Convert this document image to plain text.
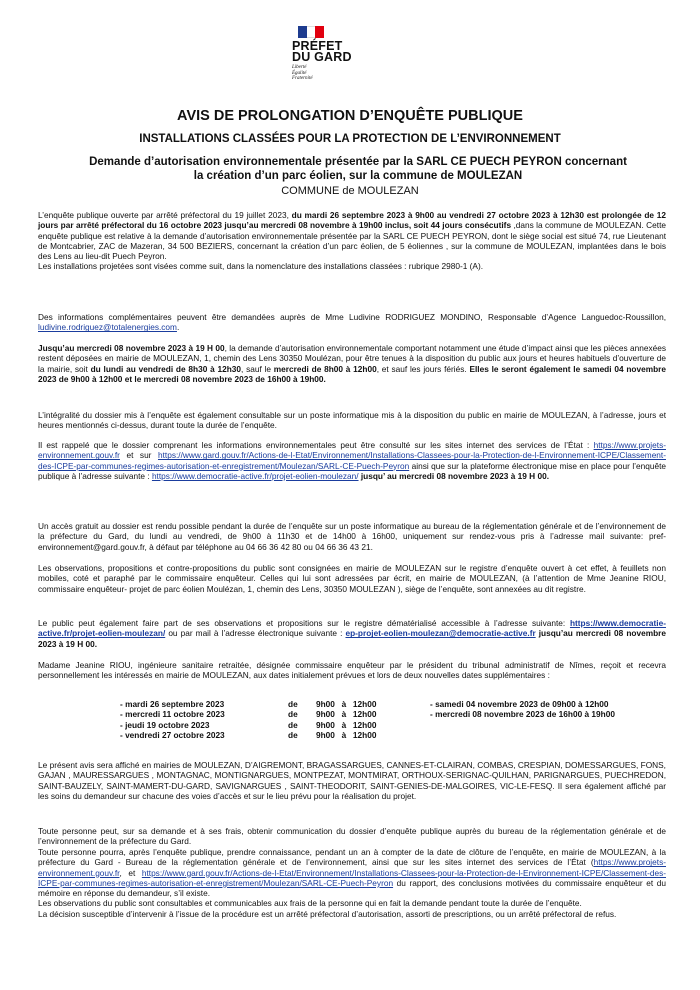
PRÉFET
DU GARD
Liberté
Égalité
Fraternité
AVIS DE PROLONGATION D’ENQUÊTE PUBLIQUE
INSTALLATIONS CLASSÉES POUR LA PROTECTION DE L’ENVIRONNEMENT
Demande d’autorisation environnementale présentée par la SARL CE PUECH PEYRON concernant
la création d’un parc éolien, sur la commune de MOULEZAN
COMMUNE de MOULEZAN

L’enquête publique ouverte par arrêté préfectoral du 19 juillet 2023, du mardi 26 septembre 2023 à 9h00 au vendredi 27 octobre 2023 à 12h30 est prolongée de 12 jours par arrêté préfectoral du 16 octobre 2023 jusqu’au mercredi 08 novembre à 19h00 inclus, soit 44 jours consécutifs ,dans la commune de MOULEZAN. Cette enquête publique est relative à la demande d’autorisation environnementale présentée par la SARL CE PUECH PEYRON, dont le siège social est situé 74, rue Lieutenant de Montcabrier, ZAC de Mazeran, 34 500 BEZIERS, concernant la création d’un parc éolien, de 5 éoliennes , sur la commune de MOULEZAN, implantées dans le bois des Lens au lieu-dit Puech Peyron.

Les installations projetées sont visées comme suit, dans la nomenclature des installations classées : rubrique 2980-1 (A).

Des informations complémentaires peuvent être demandées auprès de Mme Ludivine RODRIGUEZ MONDINO, Responsable d’Agence Languedoc-Roussillon, ludivine.rodriguez@totalenergies.com.

Jusqu’au mercredi 08 novembre 2023 à 19 H 00, la demande d’autorisation environnementale comportant notamment une étude d’impact ainsi que les pièces annexées restent déposées en mairie de MOULEZAN, 1, chemin des Lens 30350 Moulézan, pour être tenues à la disposition du public aux jours et heures habituels d’ouverture de la mairie, soit du lundi au vendredi de 8h30 à 12h30, sauf le mercredi de 8h00 à 12h00, et sauf les jours fériés. Elles le seront également le samedi 04 novembre 2023 de 9h00 à 12h00 et le mercredi 08 novembre 2023 de 16h00 à 19h00.

L’intégralité du dossier mis à l’enquête est également consultable sur un poste informatique mis à la disposition du public en mairie de MOULEZAN, à l’adresse, jours et heures mentionnés ci-dessus, durant toute la durée de l’enquête.

Il est rappelé que le dossier comprenant les informations environnementales peut être consulté sur les sites internet des services de l’État : https://www.projets-environnement.gouv.fr et sur https://www.gard.gouv.fr/Actions-de-l-Etat/Environnement/Installations-Classees-pour-la-Protection-de-l-Environnement-ICPE/Classement-des-ICPE-par-communes-regimes-autorisation-et-enregistrement/Moulezan/SARL-CE-Puech-Peyron ainsi que sur la plateforme électronique mise en place pour l’enquête publique à l’adresse suivante : https://www.democratie-active.fr/projet-eolien-moulezan/ jusqu’ au mercredi 08 novembre 2023 à 19 H 00.

Un accès gratuit au dossier est rendu possible pendant la durée de l’enquête sur un poste informatique au bureau de la réglementation générale et de l’environnement de la préfecture du Gard, du lundi au vendredi, de 9h00 à 11h30 et de 14h00 à 16h00, uniquement sur rendez-vous pris à l’adresse mail suivante: pref-environnement@gard.gouv.fr, à défaut par téléphone au 04 66 36 42 80 ou 04 66 36 43 21.

Les observations, propositions et contre-propositions du public sont consignées en mairie de MOULEZAN sur le registre d’enquête ouvert à cet effet, à feuillets non mobiles, coté et paraphé par le commissaire enquêteur. Celles qui lui sont adressées par écrit, en mairie de MOULEZAN, (à l’attention de Mme Jeanine RIOU, commissaire enquêteur- projet de parc éolien Moulézan, 1, chemin des Lens, 30350 MOULEZAN ), siège de l’enquête, sont annexées au dit registre.

Le public peut également faire part de ses observations et propositions sur le registre dématérialisé accessible à l’adresse suivante: https://www.democratie-active.fr/projet-eolien-moulezan/ ou par mail à l’adresse électronique suivante : ep-projet-eolien-moulezan@democratie-active.fr jusqu’au mercredi 08 novembre 2023 à 19 H 00.

Madame Jeanine RIOU, ingénieure sanitaire retraitée, désignée commissaire enquêteur par le président du tribunal administratif de Nîmes, reçoit et recevra personnellement les intéressés en mairie de MOULEZAN, aux dates initialement prévues et lors de deux nouvelles dates supplémentaires :

- mardi 26 septembre 2023	de	9h00 à 12h00
- mercredi 11 octobre 2023	de	9h00 à 12h00
- jeudi 19 octobre 2023	de	9h00 à 12h00
- vendredi 27 octobre 2023	de	9h00 à 12h00
- samedi 04 novembre 2023 de 09h00 à 12h00
- mercredi 08 novembre 2023 de 16h00 à 19h00

Le présent avis sera affiché en mairies de MOULEZAN, D’AIGREMONT, BRAGASSARGUES, CANNES-ET-CLAIRAN, COMBAS, CRESPIAN, DOMESSARGUES, FONS, GAJAN , MAURESSARGUES , MONTAGNAC, MONTIGNARGUES, MONTPEZAT, MONTMIRAT, ORTHOUX-SERIGNAC-QUILHAN, PARIGNARGUES, PUECHREDON, SAINT-BAUZELY, SAINT-MAMERT-DU-GARD, SAVIGNARGUES , SAINT-THEODORIT, SAINT-GENIES-DE-MALGOIRES, VIC-LE-FESQ. Il sera également affiché par les soins du demandeur sur chacune des voies d’accès et sur le lieu prévu pour la réalisation du projet.

Toute personne peut, sur sa demande et à ses frais, obtenir communication du dossier d’enquête publique auprès du bureau de la réglementation générale et de l’environnement de la préfecture du Gard.

Toute personne pourra, après l’enquête publique, prendre connaissance, pendant un an à compter de la date de clôture de l’enquête, en mairie de MOULEZAN, à la préfecture du Gard - Bureau de la réglementation générale et de l’environnement, ainsi que sur les sites internet des services de l’État (https://www.projets-environnement.gouv.fr, et https://www.gard.gouv.fr/Actions-de-l-Etat/Environnement/Installations-Classees-pour-la-Protection-de-l-Environnement-ICPE/Classement-des-ICPE-par-communes-regimes-autorisation-et-enregistrement/Moulezan/SARL-CE-Puech-Peyron du rapport, des conclusions motivées du commissaire enquêteur et du mémoire en réponse du demandeur, s’il existe.

Les observations du public sont consultables et communicables aux frais de la personne qui en fait la demande pendant toute la durée de l’enquête.

La décision susceptible d’intervenir à l’issue de la procédure est un arrêté préfectoral d’autorisation, assorti de prescriptions, ou un arrêté préfectoral de refus.
